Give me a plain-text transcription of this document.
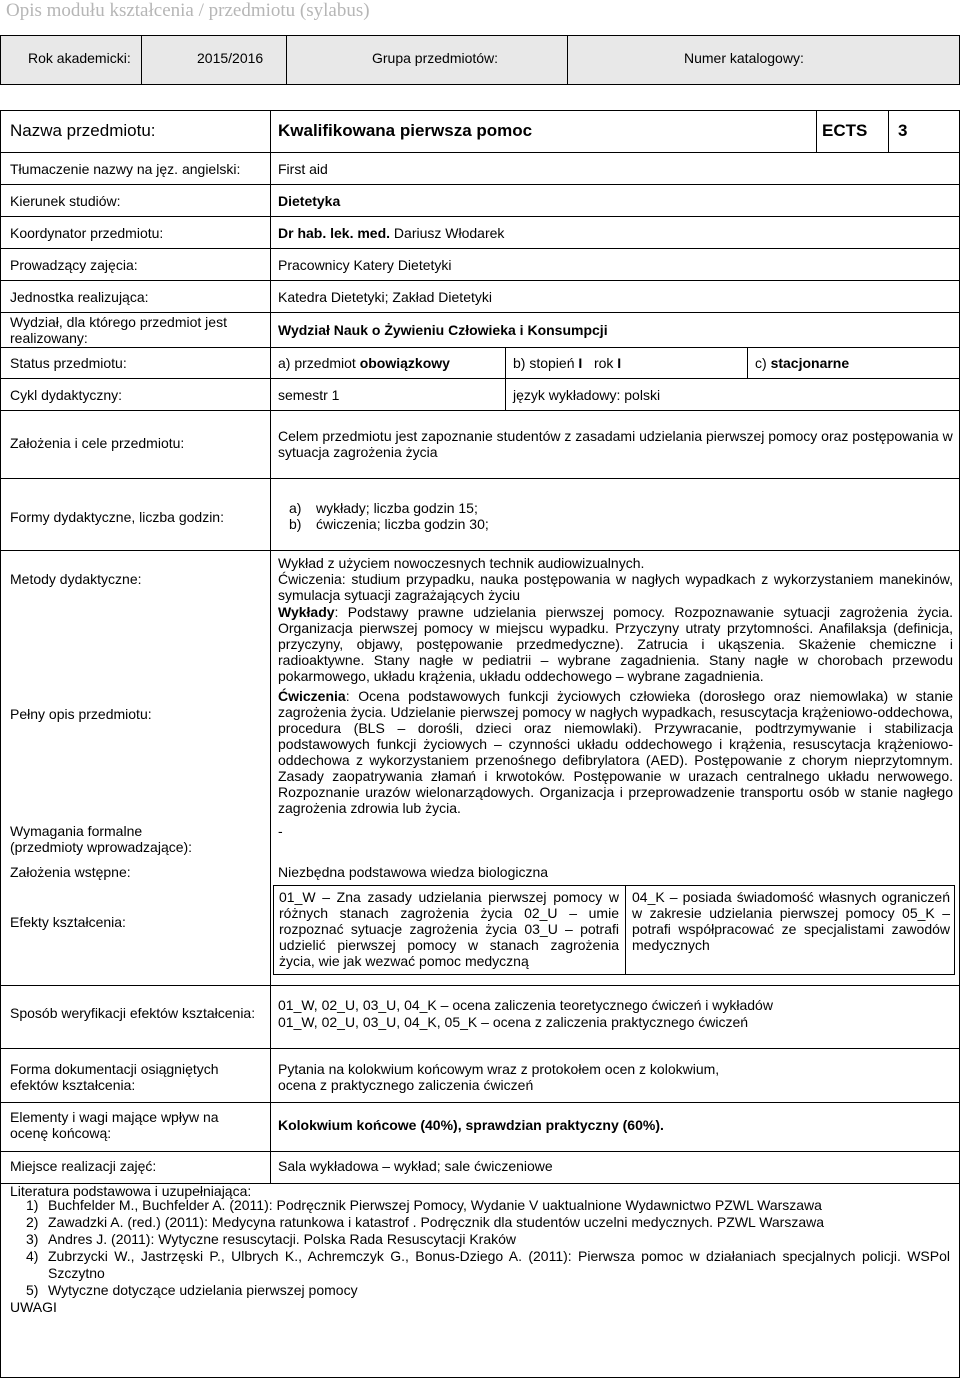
Opis modułu kształcenia / przedmiotu (sylabus)
Rok akademicki:	2015/2016	Grupa przedmiotów:	Numer katalogowy:
Nazwa przedmiotu:	Kwalifikowana pierwsza pomoc	ECTS 3
Tłumaczenie nazwy na jęz. angielski:	First aid
Kierunek studiów:	Dietetyka
Koordynator przedmiotu:	Dr hab. lek. med. Dariusz Włodarek
Prowadzący zajęcia:	Pracownicy Katery Dietetyki
Jednostka realizująca:	Katedra Dietetyki; Zakład Dietetyki
Wydział, dla którego przedmiot jest
realizowany:	Wydział Nauk o Żywieniu Człowieka i Konsumpcji
Status przedmiotu:	a) przedmiot obowiązkowy	b) stopień I rok I	c) stacjonarne
Cykl dydaktyczny:	semestr 1	język wykładowy: polski
Założenia i cele przedmiotu:	Celem przedmiotu jest zapoznanie studentów z zasadami udzielania pierwszej pomocy oraz postępowania w sytuacja zagrożenia życia
Formy dydaktyczne, liczba godzin:
a) wykłady; liczba godzin 15;
b) ćwiczenia; liczba godzin 30;
Metody dydaktyczne:
Wykład z użyciem nowoczesnych technik audiowizualnych.
Ćwiczenia: studium przypadku, nauka postępowania w nagłych wypadkach z wykorzystaniem manekinów, symulacja sytuacji zagrażających życiu
Pełny opis przedmiotu:
Wykłady: Podstawy prawne udzielania pierwszej pomocy. Rozpoznawanie sytuacji zagrożenia życia. Organizacja pierwszej pomocy w miejscu wypadku. Przyczyny utraty przytomności. Anafilaksja (definicja, przyczyny, objawy, postępowanie przedmedyczne). Zatrucia i ukąszenia. Skażenie chemiczne i radioaktywne. Stany nagłe w pediatrii – wybrane zagadnienia. Stany nagłe w chorobach przewodu pokarmowego, układu krążenia, układu oddechowego – wybrane zagadnienia.
Ćwiczenia: Ocena podstawowych funkcji życiowych człowieka (dorosłego oraz niemowlaka) w stanie zagrożenia życia. Udzielanie pierwszej pomocy w nagłych wypadkach, resuscytacja krążeniowo-oddechowa, procedura (BLS – dorośli, dzieci oraz niemowlaki). Przywracanie, podtrzymywanie i stabilizacja podstawowych funkcji życiowych – czynności układu oddechowego i krążenia, resuscytacja krążeniowo-oddechowa z wykorzystaniem przenośnego defibrylatora (AED). Postępowanie z chorym nieprzytomnym. Zasady zaopatrywania złamań i krwotoków. Postępowanie w urazach centralnego układu nerwowego. Rozpoznanie urazów wielonarządowych. Organizacja i przeprowadzenie transportu osób w stanie nagłego zagrożenia zdrowia lub życia.
Wymagania formalne
(przedmioty wprowadzające):
-
Założenia wstępne:	Niezbędna podstawowa wiedza biologiczna
Efekty kształcenia:
01_W – Zna zasady udzielania pierwszej pomocy w różnych stanach zagrożenia życia 02_U – umie rozpoznać sytuacje zagrożenia życia 03_U – potrafi udzielić pierwszej pomocy w stanach zagrożenia życia, wie jak wezwać pomoc medyczną
04_K – posiada świadomość własnych ograniczeń w zakresie udzielania pierwszej pomocy 05_K – potrafi współpracować ze specjalistami zawodów medycznych
Sposób weryfikacji efektów kształcenia: 01_W, 02_U, 03_U, 04_K – ocena zaliczenia teoretycznego ćwiczeń i wykładów
01_W, 02_U, 03_U, 04_K, 05_K – ocena z zaliczenia praktycznego ćwiczeń
Forma dokumentacji osiągniętych
efektów kształcenia:
Pytania na kolokwium końcowym wraz z protokołem ocen z kolokwium,
ocena z praktycznego zaliczenia ćwiczeń
Elementy i wagi mające wpływ na
ocenę końcową:	Kolokwium końcowe (40%), sprawdzian praktyczny (60%).
Miejsce realizacji zajęć:	Sala wykładowa – wykład; sale ćwiczeniowe
Literatura podstawowa i uzupełniająca:
1) Buchfelder M., Buchfelder A. (2011): Podręcznik Pierwszej Pomocy, Wydanie V uaktualnione Wydawnictwo PZWL Warszawa
2) Zawadzki A. (red.) (2011): Medycyna ratunkowa i katastrof . Podręcznik dla studentów uczelni medycznych. PZWL Warszawa
3) Andres J. (2011): Wytyczne resuscytacji. Polska Rada Resuscytacji Kraków
4) Zubrzycki W., Jastrzęski P., Ulbrych K., Achremczyk G., Bonus-Dziego A. (2011): Pierwsza pomoc w działaniach specjalnych policji. WSPol Szczytno
5) Wytyczne dotyczące udzielania pierwszej pomocy
UWAGI
